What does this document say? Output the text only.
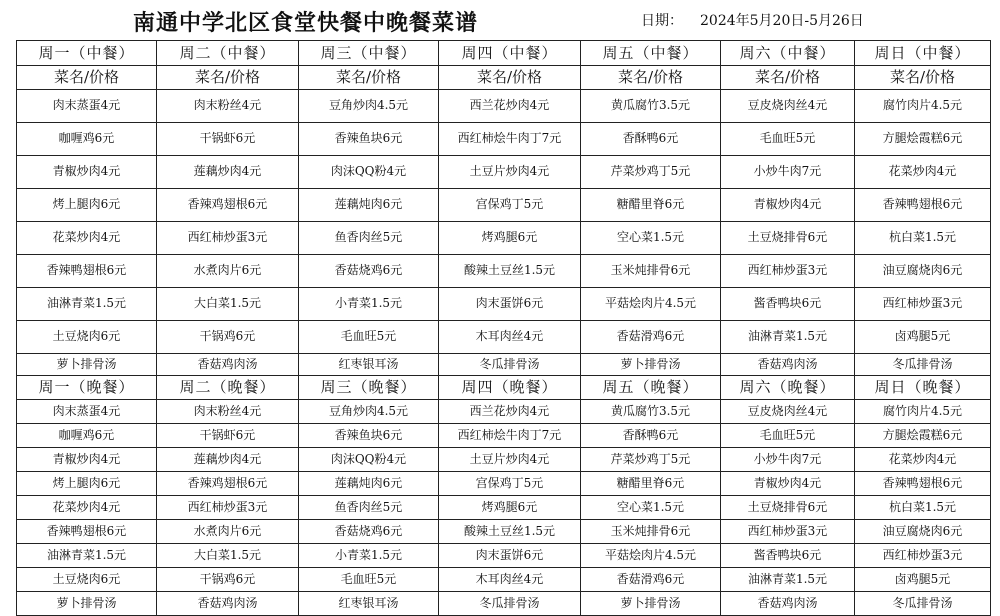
南通中学北区食堂快餐中晚餐菜谱	日期： 2024年5月20日-5月26日
周一（中餐）	周二（中餐）	周三（中餐）	周四（中餐）	周五（中餐）	周六（中餐）	周日（中餐）
菜名/价格	菜名/价格	菜名/价格	菜名/价格	菜名/价格	菜名/价格	菜名/价格
肉末蒸蛋4元	肉末粉丝4元	豆角炒肉4.5元	西兰花炒肉4元	黄瓜腐竹3.5元	豆皮烧肉丝4元	腐竹肉片4.5元
咖喱鸡6元	干锅虾6元	香辣鱼块6元	西红柿烩牛肉丁7元	香酥鸭6元	毛血旺5元	方腿烩霞糕6元
青椒炒肉4元	莲藕炒肉4元	肉沫QQ粉4元	土豆片炒肉4元	芹菜炒鸡丁5元	小炒牛肉7元	花菜炒肉4元
烤上腿肉6元	香辣鸡翅根6元	莲藕炖肉6元	宫保鸡丁5元	糖醋里脊6元	青椒炒肉4元	香辣鸭翅根6元
花菜炒肉4元	西红柿炒蛋3元	鱼香肉丝5元	烤鸡腿6元	空心菜1.5元	土豆烧排骨6元	杭白菜1.5元
香辣鸭翅根6元	水煮肉片6元	香菇烧鸡6元	酸辣土豆丝1.5元	玉米炖排骨6元	西红柿炒蛋3元	油豆腐烧肉6元
油淋青菜1.5元	大白菜1.5元	小青菜1.5元	肉末蛋饼6元	平菇烩肉片4.5元	酱香鸭块6元	西红柿炒蛋3元
土豆烧肉6元	干锅鸡6元	毛血旺5元	木耳肉丝4元	香菇滑鸡6元	油淋青菜1.5元	卤鸡腿5元
萝卜排骨汤	香菇鸡肉汤	红枣银耳汤	冬瓜排骨汤	萝卜排骨汤	香菇鸡肉汤	冬瓜排骨汤
周一（晚餐）	周二（晚餐）	周三（晚餐）	周四（晚餐）	周五（晚餐）	周六（晚餐）	周日（晚餐）
肉末蒸蛋4元	肉末粉丝4元	豆角炒肉4.5元	西兰花炒肉4元	黄瓜腐竹3.5元	豆皮烧肉丝4元	腐竹肉片4.5元
咖喱鸡6元	干锅虾6元	香辣鱼块6元	西红柿烩牛肉丁7元	香酥鸭6元	毛血旺5元	方腿烩霞糕6元
青椒炒肉4元	莲藕炒肉4元	肉沫QQ粉4元	土豆片炒肉4元	芹菜炒鸡丁5元	小炒牛肉7元	花菜炒肉4元
烤上腿肉6元	香辣鸡翅根6元	莲藕炖肉6元	宫保鸡丁5元	糖醋里脊6元	青椒炒肉4元	香辣鸭翅根6元
花菜炒肉4元	西红柿炒蛋3元	鱼香肉丝5元	烤鸡腿6元	空心菜1.5元	土豆烧排骨6元	杭白菜1.5元
香辣鸭翅根6元	水煮肉片6元	香菇烧鸡6元	酸辣土豆丝1.5元	玉米炖排骨6元	西红柿炒蛋3元	油豆腐烧肉6元
油淋青菜1.5元	大白菜1.5元	小青菜1.5元	肉末蛋饼6元	平菇烩肉片4.5元	酱香鸭块6元	西红柿炒蛋3元
土豆烧肉6元	干锅鸡6元	毛血旺5元	木耳肉丝4元	香菇滑鸡6元	油淋青菜1.5元	卤鸡腿5元
萝卜排骨汤	香菇鸡肉汤	红枣银耳汤	冬瓜排骨汤	萝卜排骨汤	香菇鸡肉汤	冬瓜排骨汤
